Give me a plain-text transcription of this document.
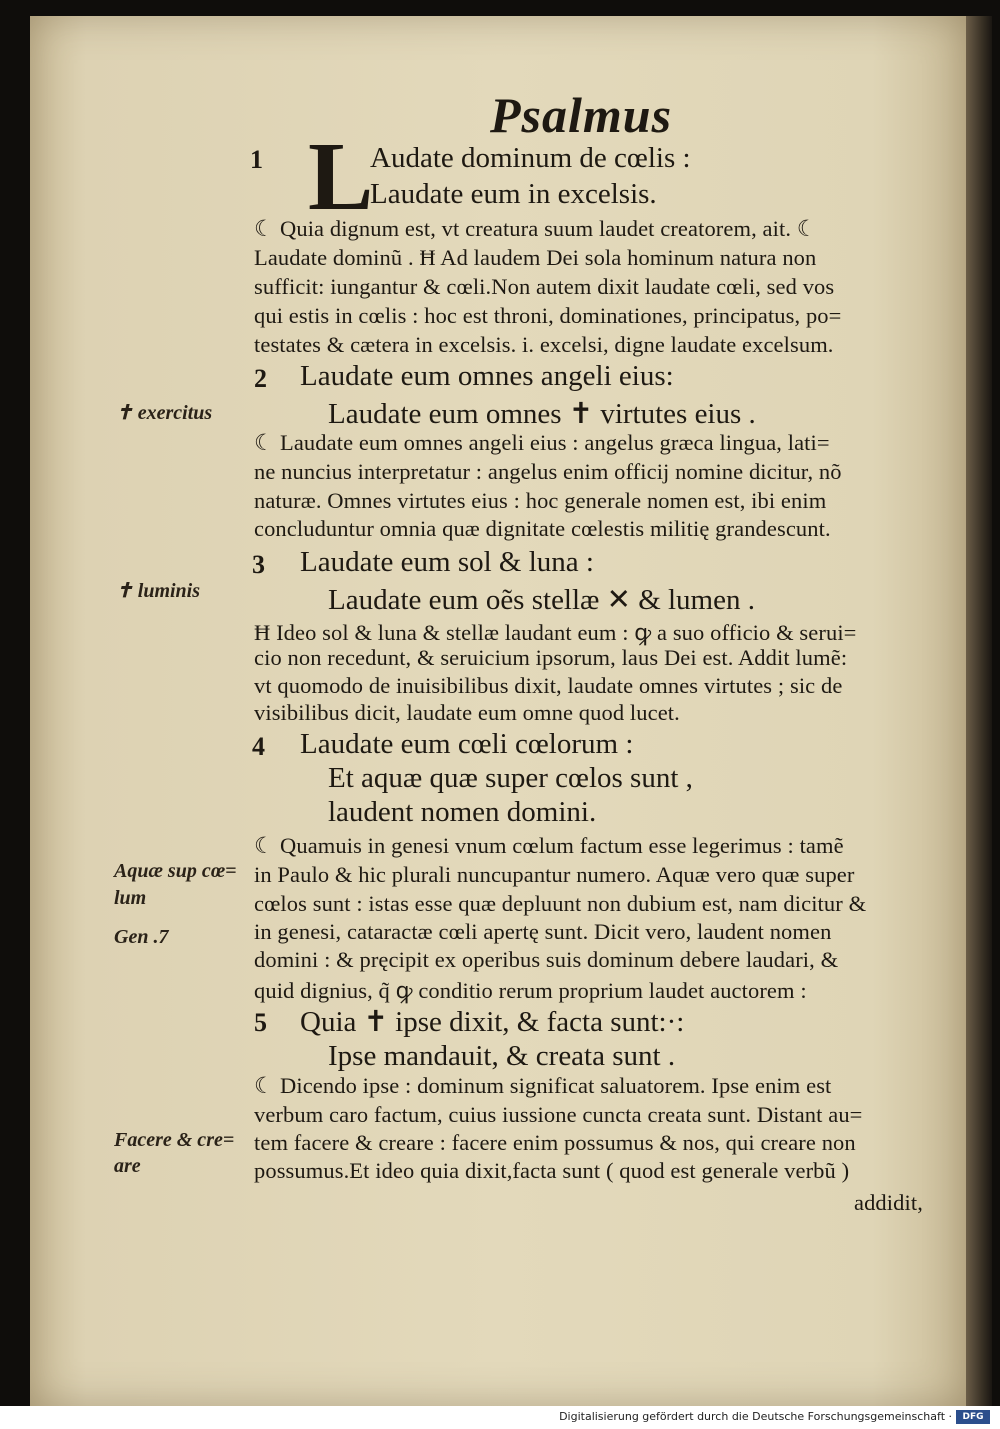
Psalmus
L
1
2
3
4
5
Audate dominum de cœlis :
Laudate eum in excelsis.
☾ Quia dignum est, vt creatura suum laudet creatorem, ait. ☾
Laudate dominũ . Ħ Ad laudem Dei sola hominum natura non
sufficit: iungantur & cœli.Non autem dixit laudate cœli, sed vos
qui estis in cœlis : hoc est throni, dominationes, principatus, po=
testates & cætera in excelsis. i. excelsi, digne laudate excelsum.
Laudate eum omnes angeli eius:
Laudate eum omnes ✝ virtutes eius .
☾ Laudate eum omnes angeli eius : angelus græca lingua, lati=
ne nuncius interpretatur : angelus enim officij nomine dicitur, nõ
naturæ. Omnes virtutes eius : hoc generale nomen est, ibi enim
concluduntur omnia quæ dignitate cœlestis militię grandescunt.
Laudate eum sol & luna :
Laudate eum oẽs stellæ ✕ & lumen .
Ħ Ideo sol & luna & stellæ laudant eum : ꝙ a suo officio & serui=
cio non recedunt, & seruicium ipsorum, laus Dei est. Addit lumẽ:
vt quomodo de inuisibilibus dixit, laudate omnes virtutes ; sic de
visibilibus dicit, laudate eum omne quod lucet.
Laudate eum cœli cœlorum :
Et aquæ quæ super cœlos sunt ,
laudent nomen domini.
☾ Quamuis in genesi vnum cœlum factum esse legerimus : tamẽ
in Paulo & hic plurali nuncupantur numero. Aquæ vero quæ super
cœlos sunt : istas esse quæ depluunt non dubium est, nam dicitur &
in genesi, cataractæ cœli apertę sunt. Dicit vero, laudent nomen
domini : & pręcipit ex operibus suis dominum debere laudari, &
quid dignius, q̃ ꝙ conditio rerum proprium laudet auctorem :
Quia ✝ ipse dixit, & facta sunt:·:
Ipse mandauit, & creata sunt .
☾ Dicendo ipse : dominum significat saluatorem. Ipse enim est
verbum caro factum, cuius iussione cuncta creata sunt. Distant au=
tem facere & creare : facere enim possumus & nos, qui creare non
possumus.Et ideo quia dixit,facta sunt ( quod est generale verbũ )
addidit,
✝ exercitus
✝ luminis
Aquæ sup cœ=
lum
Gen .7
Facere & cre=
are
Digitalisierung gefördert durch die Deutsche Forschungsgemeinschaft ·	DFG
